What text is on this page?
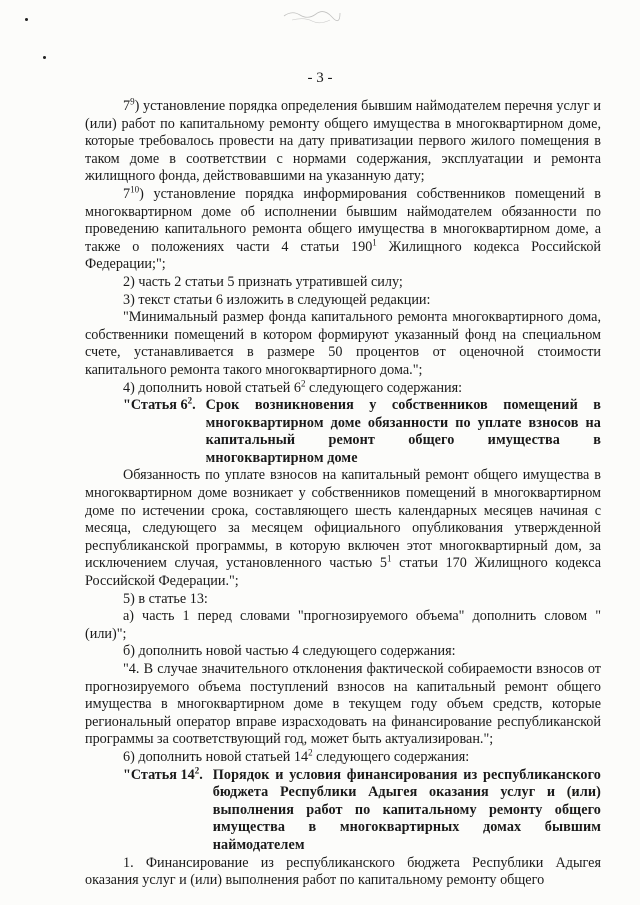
- 3 -

$7^9$) установление порядка определения бывшим наймодателем перечня услуг и (или) работ по капитальному ремонту общего имущества в многоквартирном доме, которые требовалось провести на дату приватизации первого жилого помещения в таком доме в соответствии с нормами содержания, эксплуатации и ремонта жилищного фонда, действовавшими на указанную дату;

$7^{10}$) установление порядка информирования собственников помещений в многоквартирном доме об исполнении бывшим наймодателем обязанности по проведению капитального ремонта общего имущества в многоквартирном доме, а также о положениях части 4 статьи $190^1$ Жилищного кодекса Российской Федерации;";

2) часть 2 статьи 5 признать утратившей силу;

3) текст статьи 6 изложить в следующей редакции:

"Минимальный размер фонда капитального ремонта многоквартирного дома, собственники помещений в котором формируют указанный фонд на специальном счете, устанавливается в размере 50 процентов от оценочной стоимости капитального ремонта такого многоквартирного дома.";

4) дополнить новой статьей $6^2$ следующего содержания:

"Статья $6^2$. Срок возникновения у собственников помещений в многоквартирном доме обязанности по уплате взносов на капитальный ремонт общего имущества в многоквартирном доме

Обязанность по уплате взносов на капитальный ремонт общего имущества в многоквартирном доме возникает у собственников помещений в многоквартирном доме по истечении срока, составляющего шесть календарных месяцев начиная с месяца, следующего за месяцем официального опубликования утвержденной республиканской программы, в которую включен этот многоквартирный дом, за исключением случая, установленного частью $5^1$ статьи 170 Жилищного кодекса Российской Федерации.";

5) в статье 13:

а) часть 1 перед словами "прогнозируемого объема" дополнить словом "(или)";

б) дополнить новой частью 4 следующего содержания:

"4. В случае значительного отклонения фактической собираемости взносов от прогнозируемого объема поступлений взносов на капитальный ремонт общего имущества в многоквартирном доме в текущем году объем средств, которые региональный оператор вправе израсходовать на финансирование республиканской программы за соответствующий год, может быть актуализирован.";

6) дополнить новой статьей $14^2$ следующего содержания:

"Статья $14^2$. Порядок и условия финансирования из республиканского бюджета Республики Адыгея оказания услуг и (или) выполнения работ по капитальному ремонту общего имущества в многоквартирных домах бывшим наймодателем

1. Финансирование из республиканского бюджета Республики Адыгея оказания услуг и (или) выполнения работ по капитальному ремонту общего
